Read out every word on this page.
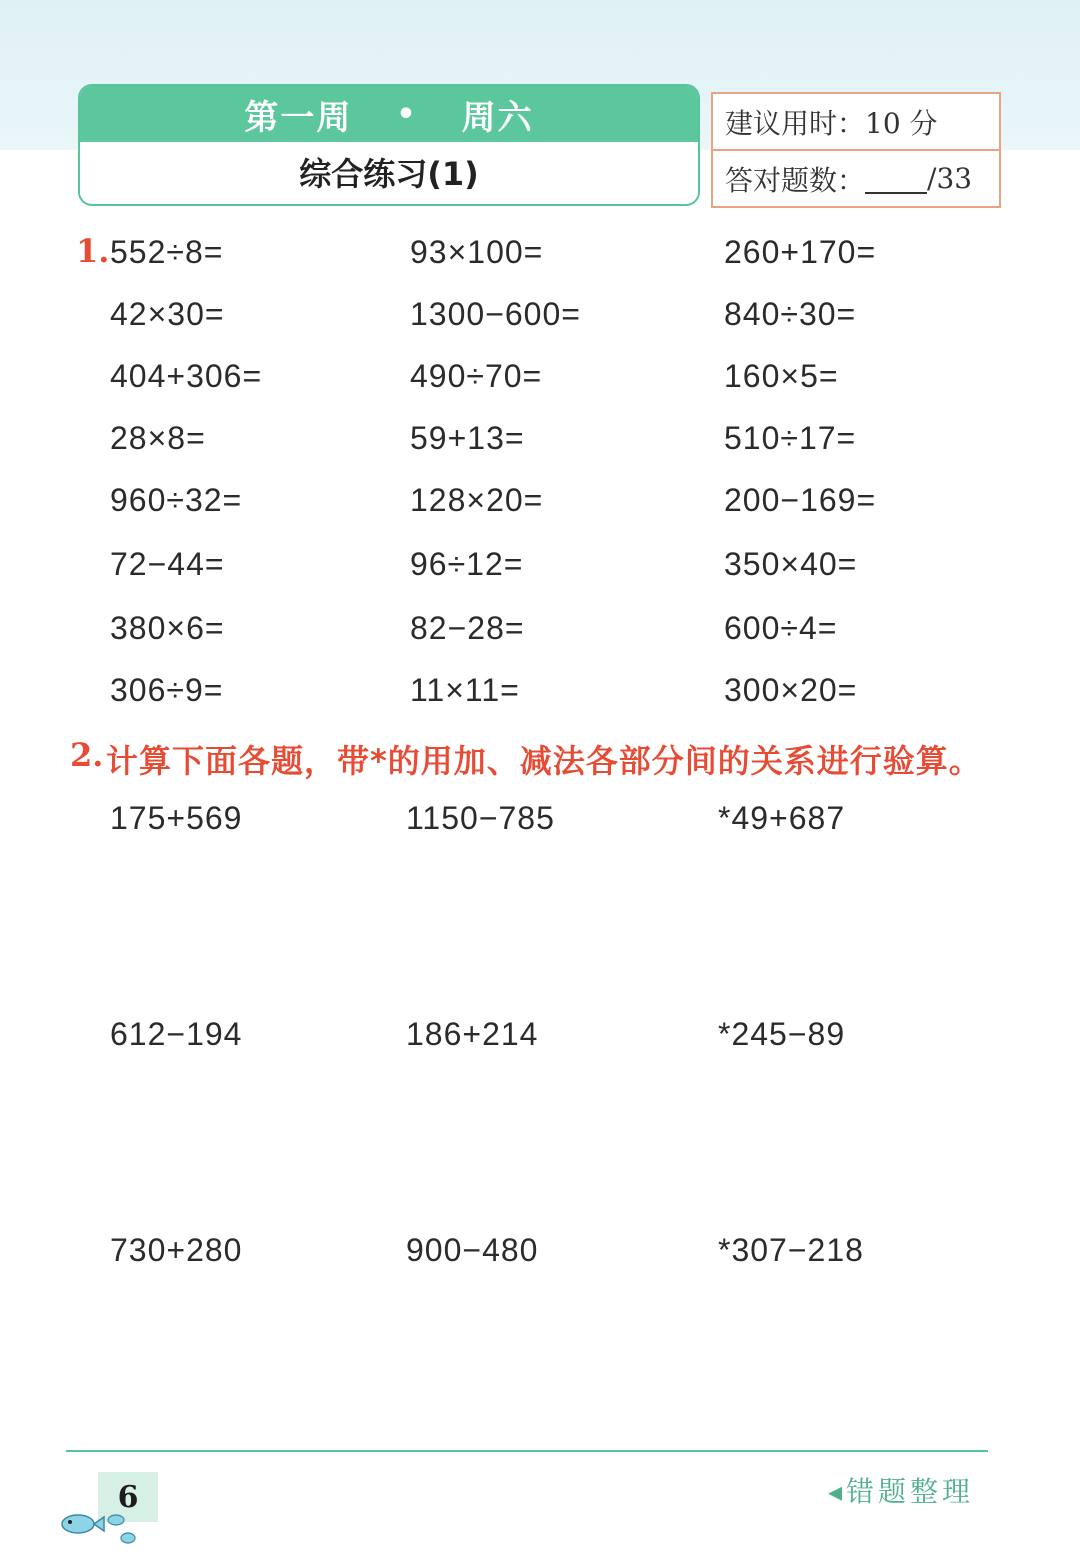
第一周 • 周六
综合练习(1)
建议用时：10 分
答对题数： /33
1. 552÷8=	93×100=	260+170=
42×30=	1300−600=	840÷30=
404+306=	490÷70=	160×5=
28×8=	59+13=	510÷17=
960÷32=	128×20=	200−169=
72−44=	96÷12=	350×40=
380×6=	82−28=	600÷4=
306÷9=	11×11=	300×20=
2. 计算下面各题，带*的用加、减法各部分间的关系进行验算。
175+569	1150−785	*49+687
612−194	186+214	*245−89
730+280	900−480	*307−218
6	◂错题整理
